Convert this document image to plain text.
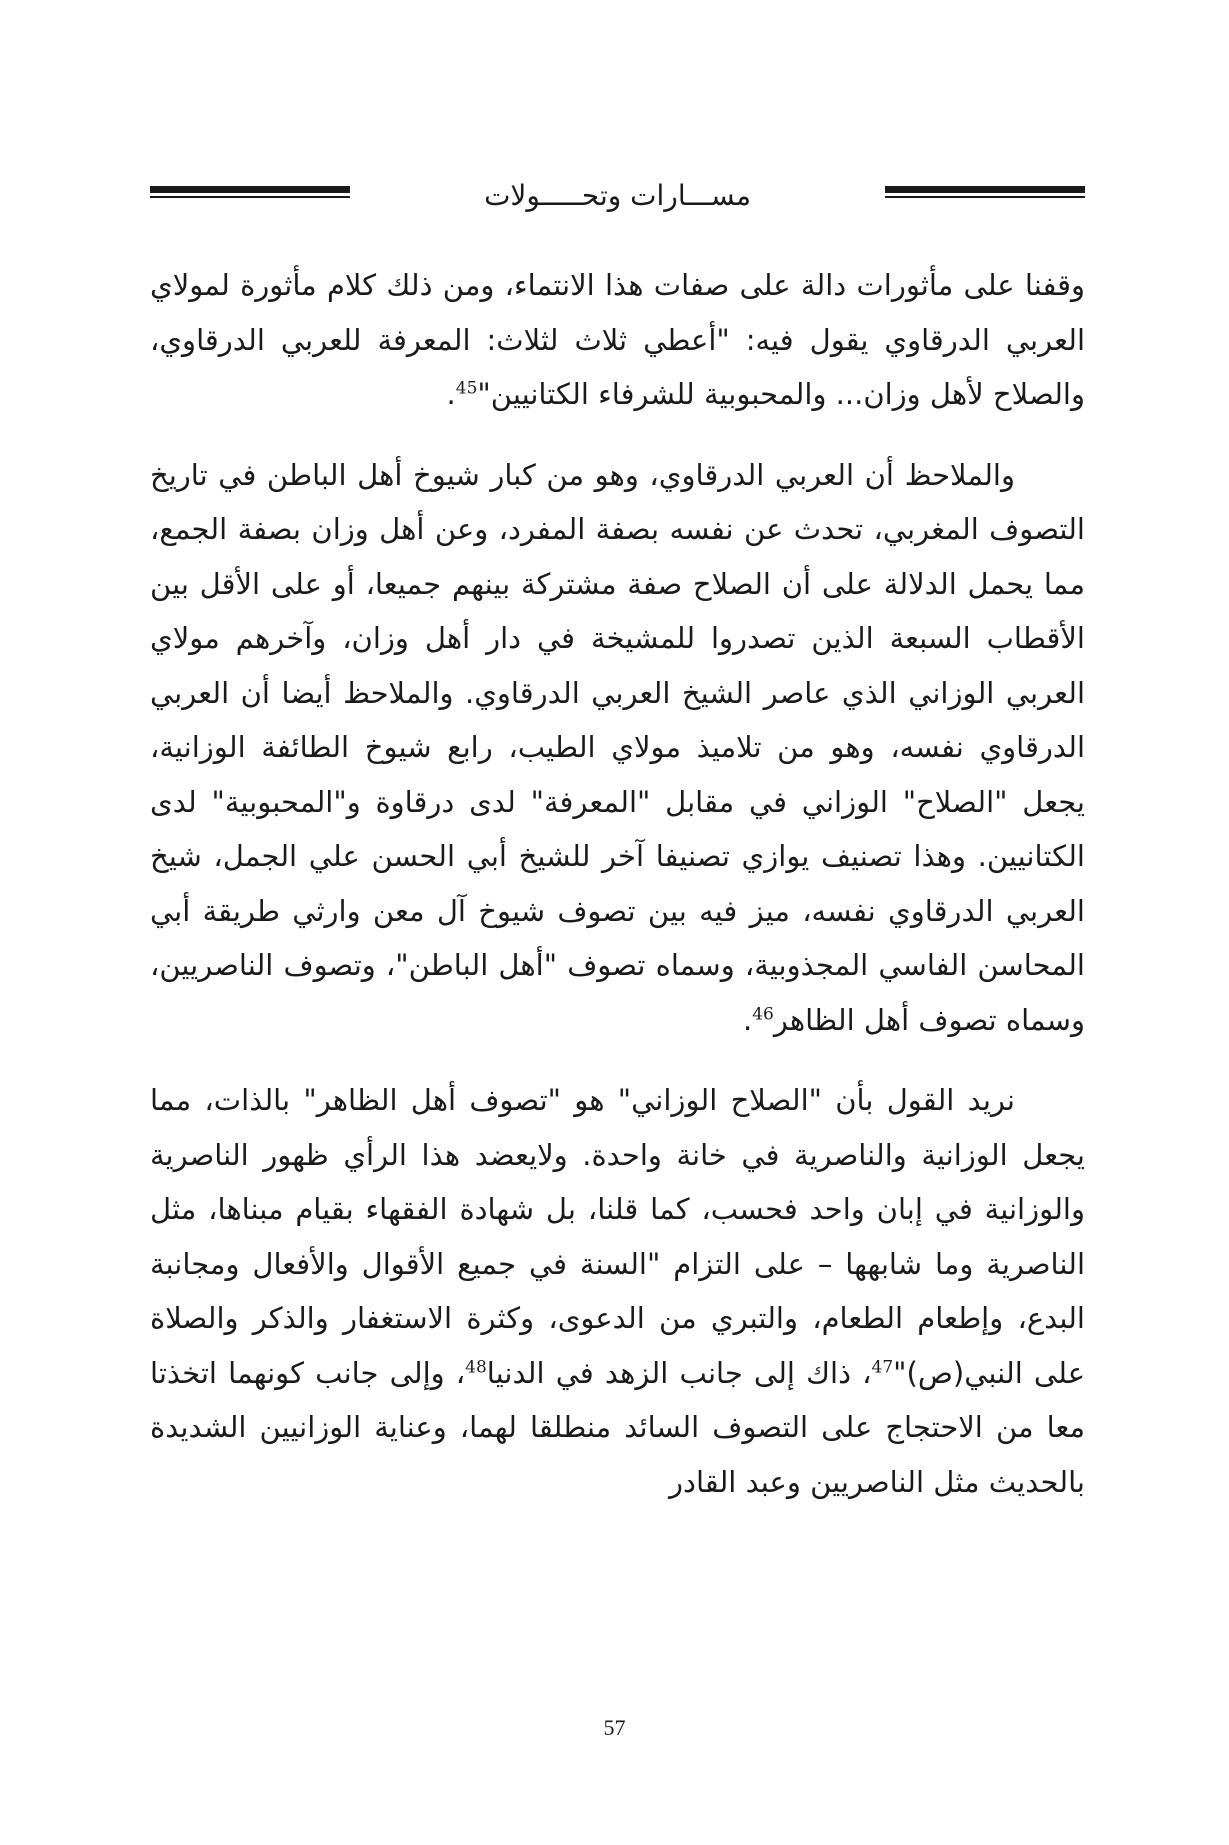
مســـارات وتحـــــولات

وقفنا على مأثورات دالة على صفات هذا الانتماء، ومن ذلك كلام مأثورة لمولاي العربي الدرقاوي يقول فيه: "أعطي ثلاث لثلاث: المعرفة للعربي الدرقاوي، والصلاح لأهل وزان... والمحبوبية للشرفاء الكتانيين"$^{45}$.

والملاحظ أن العربي الدرقاوي، وهو من كبار شيوخ أهل الباطن في تاريخ التصوف المغربي، تحدث عن نفسه بصفة المفرد، وعن أهل وزان بصفة الجمع، مما يحمل الدلالة على أن الصلاح صفة مشتركة بينهم جميعا، أو على الأقل بين الأقطاب السبعة الذين تصدروا للمشيخة في دار أهل وزان، وآخرهم مولاي العربي الوزاني الذي عاصر الشيخ العربي الدرقاوي. والملاحظ أيضا أن العربي الدرقاوي نفسه، وهو من تلاميذ مولاي الطيب، رابع شيوخ الطائفة الوزانية، يجعل "الصلاح" الوزاني في مقابل "المعرفة" لدى درقاوة و"المحبوبية" لدى الكتانيين. وهذا تصنيف يوازي تصنيفا آخر للشيخ أبي الحسن علي الجمل، شيخ العربي الدرقاوي نفسه، ميز فيه بين تصوف شيوخ آل معن وارثي طريقة أبي المحاسن الفاسي المجذوبية، وسماه تصوف "أهل الباطن"، وتصوف الناصريين، وسماه تصوف أهل الظاهر$^{46}$.

نريد القول بأن "الصلاح الوزاني" هو "تصوف أهل الظاهر" بالذات، مما يجعل الوزانية والناصرية في خانة واحدة. ولايعضد هذا الرأي ظهور الناصرية والوزانية في إبان واحد فحسب، كما قلنا، بل شهادة الفقهاء بقيام مبناها، مثل الناصرية وما شابهها – على التزام "السنة في جميع الأقوال والأفعال ومجانبة البدع، وإطعام الطعام، والتبري من الدعوى، وكثرة الاستغفار والذكر والصلاة على النبي(ص)"$^{47}$، ذاك إلى جانب الزهد في الدنيا$^{48}$، وإلى جانب كونهما اتخذتا معا من الاحتجاج على التصوف السائد منطلقا لهما، وعناية الوزانيين الشديدة بالحديث مثل الناصريين وعبد القادر

57
